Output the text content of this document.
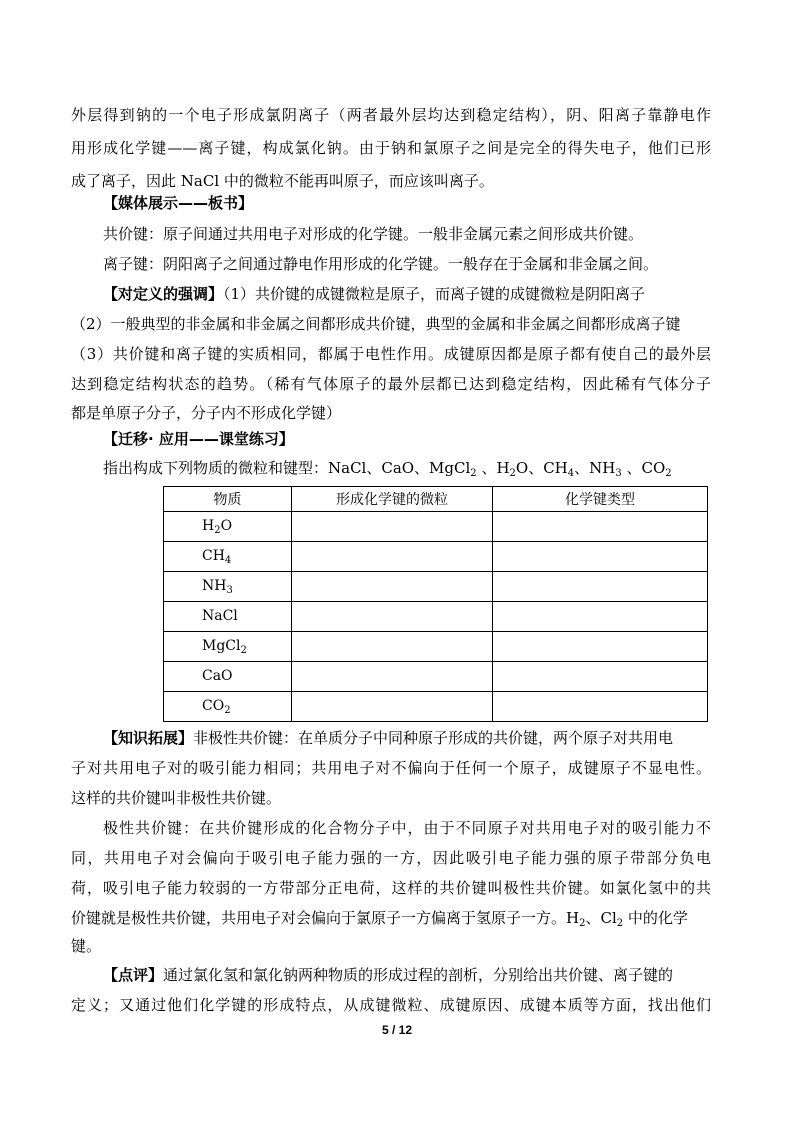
外层得到钠的一个电子形成氯阴离子（两者最外层均达到稳定结构），阴、阳离子靠静电作
用形成化学键——离子键，构成氯化钠。由于钠和氯原子之间是完全的得失电子，他们已形
成了离子，因此 NaCl 中的微粒不能再叫原子，而应该叫离子。
【媒体展示——板书】
共价键：原子间通过共用电子对形成的化学键。一般非金属元素之间形成共价键。
离子键：阴阳离子之间通过静电作用形成的化学键。一般存在于金属和非金属之间。
【对定义的强调】（1）共价键的成键微粒是原子，而离子键的成键微粒是阴阳离子
（2）一般典型的非金属和非金属之间都形成共价键，典型的金属和非金属之间都形成离子键
（3）共价键和离子键的实质相同，都属于电性作用。成键原因都是原子都有使自己的最外层
达到稳定结构状态的趋势。（稀有气体原子的最外层都已达到稳定结构，因此稀有气体分子
都是单原子分子，分子内不形成化学键）
【迁移· 应用——课堂练习】
指出构成下列物质的微粒和键型：NaCl、CaO、MgCl$_2$ 、$H_2O$、$CH_4$、$NH_3$ 、$CO_2$
物质	形成化学键的微粒	化学键类型
$H_2O$		
$CH_4$		
$NH_3$		
NaCl		
MgCl$_2$		
CaO		
$CO_2$		
【知识拓展】非极性共价键：在单质分子中同种原子形成的共价键，两个原子对共用电
子对共用电子对的吸引能力相同；共用电子对不偏向于任何一个原子，成键原子不显电性。
这样的共价键叫非极性共价键。
极性共价键：在共价键形成的化合物分子中，由于不同原子对共用电子对的吸引能力不
同，共用电子对会偏向于吸引电子能力强的一方，因此吸引电子能力强的原子带部分负电
荷，吸引电子能力较弱的一方带部分正电荷，这样的共价键叫极性共价键。如氯化氢中的共
价键就是极性共价键，共用电子对会偏向于氯原子一方偏离于氢原子一方。$H_2$、$Cl_2$ 中的化学
键。
【点评】通过氯化氢和氯化钠两种物质的形成过程的剖析，分别给出共价键、离子键的
定义；又通过他们化学键的形成特点，从成键微粒、成键原因、成键本质等方面，找出他们
5 / 12
